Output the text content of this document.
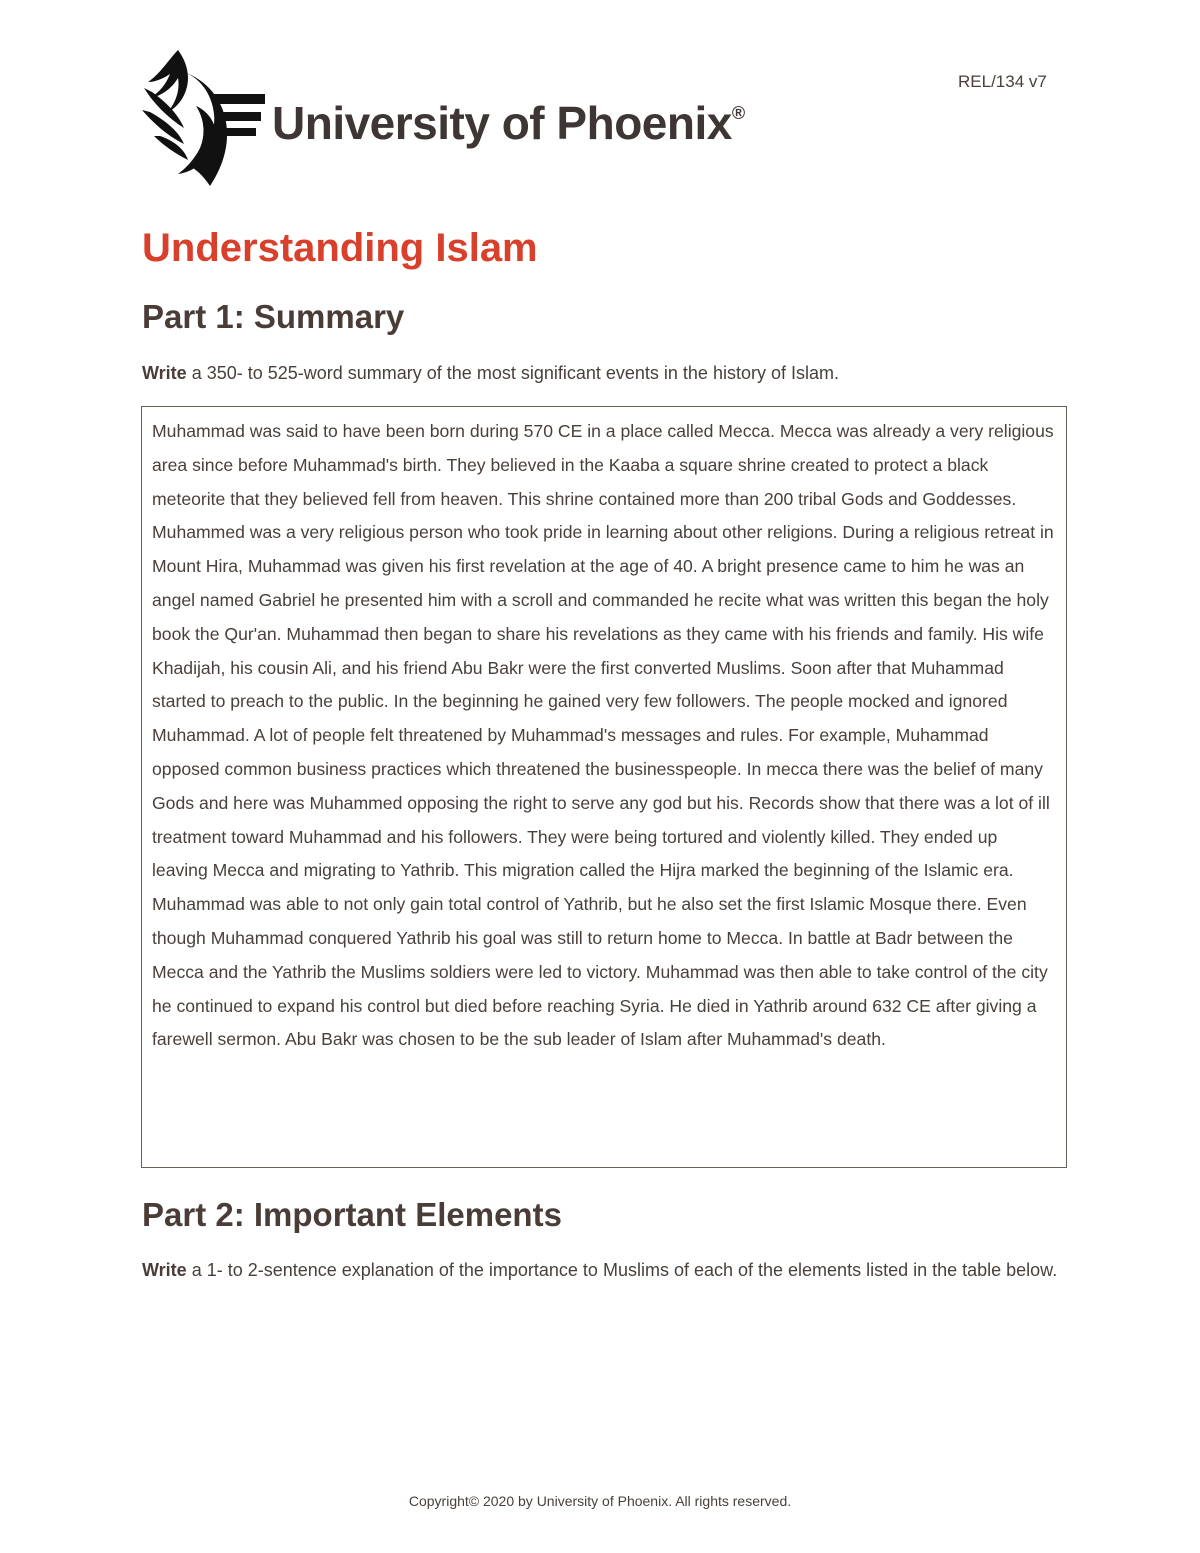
REL/134 v7
University of Phoenix®
Understanding Islam
Part 1: Summary

Write a 350- to 525-word summary of the most significant events in the history of Islam.

Muhammad was said to have been born during 570 CE in a place called Mecca. Mecca was already a very religious area since before Muhammad's birth. They believed in the Kaaba a square shrine created to protect a black meteorite that they believed fell from heaven. This shrine contained more than 200 tribal Gods and Goddesses. Muhammed was a very religious person who took pride in learning about other religions. During a religious retreat in Mount Hira, Muhammad was given his first revelation at the age of 40. A bright presence came to him he was an angel named Gabriel he presented him with a scroll and commanded he recite what was written this began the holy book the Qur'an. Muhammad then began to share his revelations as they came with his friends and family. His wife Khadijah, his cousin Ali, and his friend Abu Bakr were the first converted Muslims. Soon after that Muhammad started to preach to the public. In the beginning he gained very few followers. The people mocked and ignored Muhammad. A lot of people felt threatened by Muhammad's messages and rules. For example, Muhammad opposed common business practices which threatened the businesspeople. In mecca there was the belief of many Gods and here was Muhammed opposing the right to serve any god but his. Records show that there was a lot of ill treatment toward Muhammad and his followers. They were being tortured and violently killed. They ended up leaving Mecca and migrating to Yathrib. This migration called the Hijra marked the beginning of the Islamic era. Muhammad was able to not only gain total control of Yathrib, but he also set the first Islamic Mosque there. Even though Muhammad conquered Yathrib his goal was still to return home to Mecca. In battle at Badr between the Mecca and the Yathrib the Muslims soldiers were led to victory. Muhammad was then able to take control of the city he continued to expand his control but died before reaching Syria. He died in Yathrib around 632 CE after giving a farewell sermon. Abu Bakr was chosen to be the sub leader of Islam after Muhammad's death.

Part 2: Important Elements

Write a 1- to 2-sentence explanation of the importance to Muslims of each of the elements listed in the table below.

Copyright© 2020 by University of Phoenix. All rights reserved.
